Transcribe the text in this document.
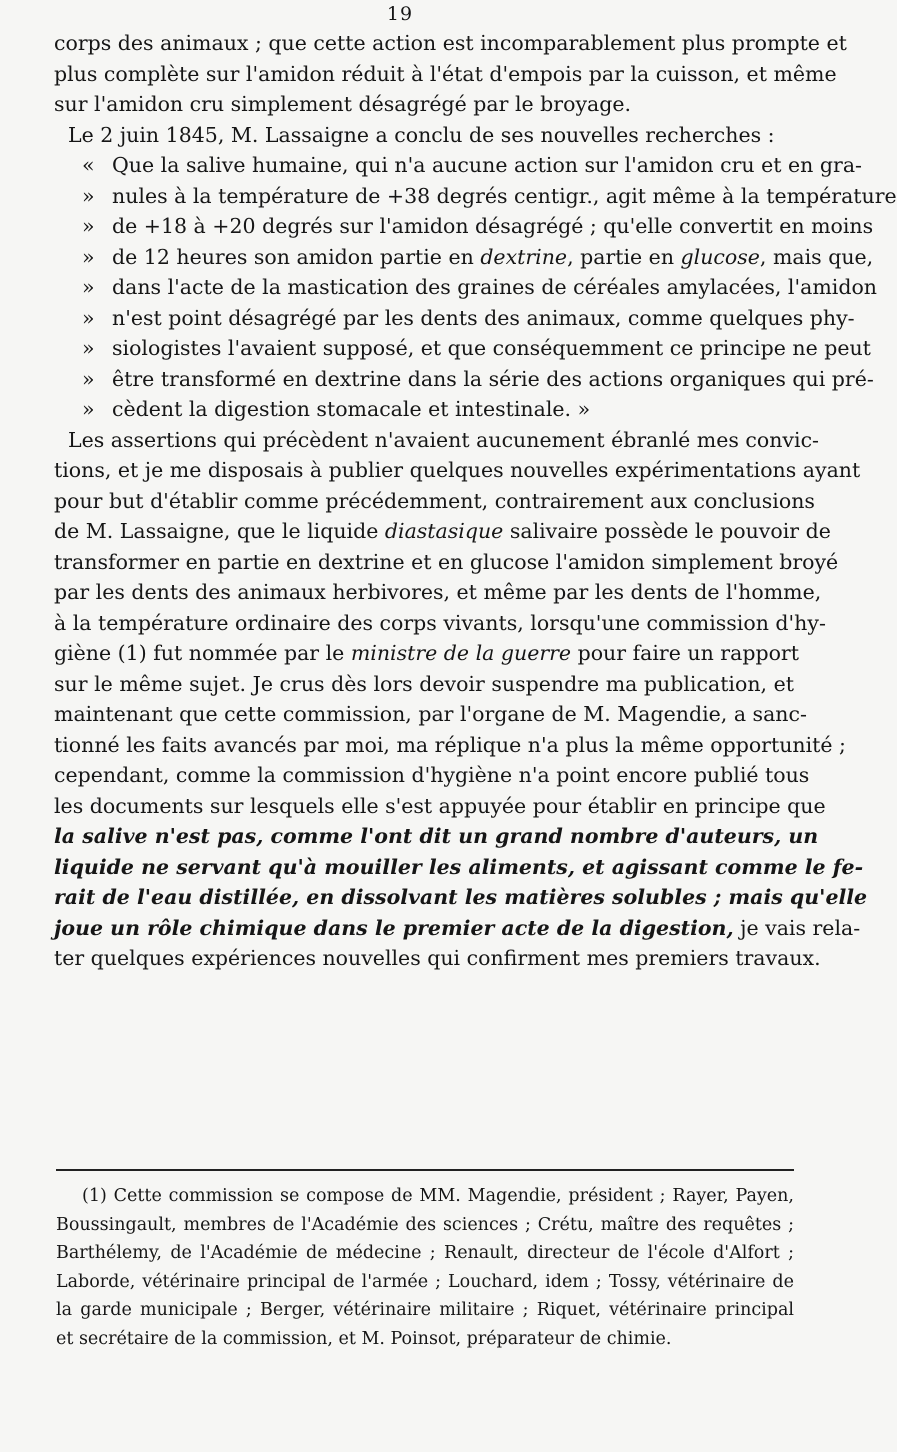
19
corps des animaux ; que cette action est incomparablement plus prompte et
plus complète sur l'amidon réduit à l'état d'empois par la cuisson, et même
sur l'amidon cru simplement désagrégé par le broyage.
Le 2 juin 1845, M. Lassaigne a conclu de ses nouvelles recherches :
« Que la salive humaine, qui n'a aucune action sur l'amidon cru et en gra-
» nules à la température de +38 degrés centigr., agit même à la température
» de +18 à +20 degrés sur l'amidon désagrégé ; qu'elle convertit en moins
» de 12 heures son amidon partie en dextrine, partie en glucose, mais que,
» dans l'acte de la mastication des graines de céréales amylacées, l'amidon
» n'est point désagrégé par les dents des animaux, comme quelques phy-
» siologistes l'avaient supposé, et que conséquemment ce principe ne peut
» être transformé en dextrine dans la série des actions organiques qui pré-
» cèdent la digestion stomacale et intestinale. »
Les assertions qui précèdent n'avaient aucunement ébranlé mes convic-
tions, et je me disposais à publier quelques nouvelles expérimentations ayant
pour but d'établir comme précédemment, contrairement aux conclusions
de M. Lassaigne, que le liquide diastasique salivaire possède le pouvoir de
transformer en partie en dextrine et en glucose l'amidon simplement broyé
par les dents des animaux herbivores, et même par les dents de l'homme,
à la température ordinaire des corps vivants, lorsqu'une commission d'hy-
giène (1) fut nommée par le ministre de la guerre pour faire un rapport
sur le même sujet. Je crus dès lors devoir suspendre ma publication, et
maintenant que cette commission, par l'organe de M. Magendie, a sanc-
tionné les faits avancés par moi, ma réplique n'a plus la même opportunité ;
cependant, comme la commission d'hygiène n'a point encore publié tous
les documents sur lesquels elle s'est appuyée pour établir en principe que
la salive n'est pas, comme l'ont dit un grand nombre d'auteurs, un
liquide ne servant qu'à mouiller les aliments, et agissant comme le fe-
rait de l'eau distillée, en dissolvant les matières solubles ; mais qu'elle
joue un rôle chimique dans le premier acte de la digestion, je vais rela-
ter quelques expériences nouvelles qui confirment mes premiers travaux.
(1) Cette commission se compose de MM. Magendie, président ; Rayer, Payen,
Boussingault, membres de l'Académie des sciences ; Crétu, maître des requêtes ;
Barthélemy, de l'Académie de médecine ; Renault, directeur de l'école d'Alfort ;
Laborde, vétérinaire principal de l'armée ; Louchard, idem ; Tossy, vétérinaire de
la garde municipale ; Berger, vétérinaire militaire ; Riquet, vétérinaire principal
et secrétaire de la commission, et M. Poinsot, préparateur de chimie.
